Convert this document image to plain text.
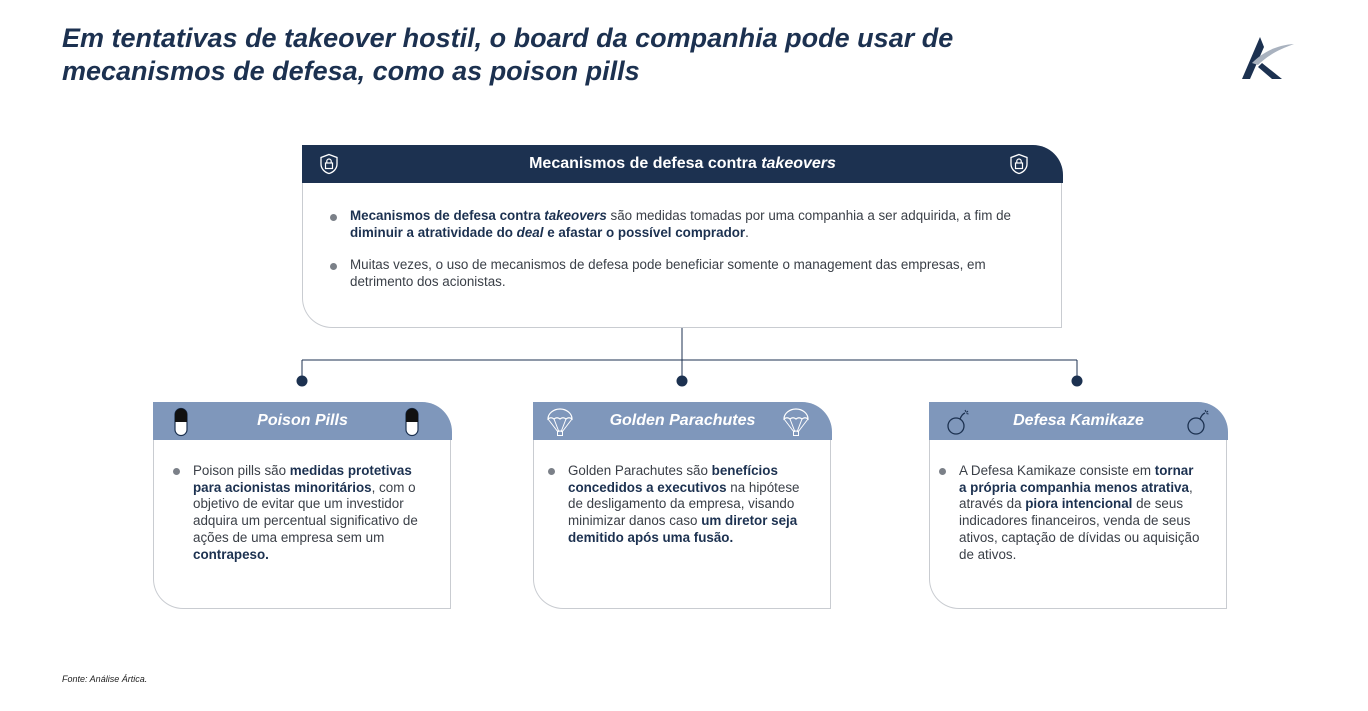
Em tentativas de takeover hostil, o board da companhia pode usar de
mecanismos de defesa, como as poison pills
Mecanismos de defesa contra takeovers
Mecanismos de defesa contra takeovers são medidas tomadas por uma companhia a ser adquirida, a fim de diminuir a atratividade do deal e afastar o possível comprador.
Muitas vezes, o uso de mecanismos de defesa pode beneficiar somente o management das empresas, em detrimento dos acionistas.
Poison Pills
Poison pills são medidas protetivas para acionistas minoritários, com o objetivo de evitar que um investidor adquira um percentual significativo de ações de uma empresa sem um contrapeso.
Golden Parachutes
Golden Parachutes são benefícios concedidos a executivos na hipótese de desligamento da empresa, visando minimizar danos caso um diretor seja demitido após uma fusão.
Defesa Kamikaze
A Defesa Kamikaze consiste em tornar a própria companhia menos atrativa, através da piora intencional de seus indicadores financeiros, venda de seus ativos, captação de dívidas ou aquisição de ativos.
Fonte: Análise Ártica.
